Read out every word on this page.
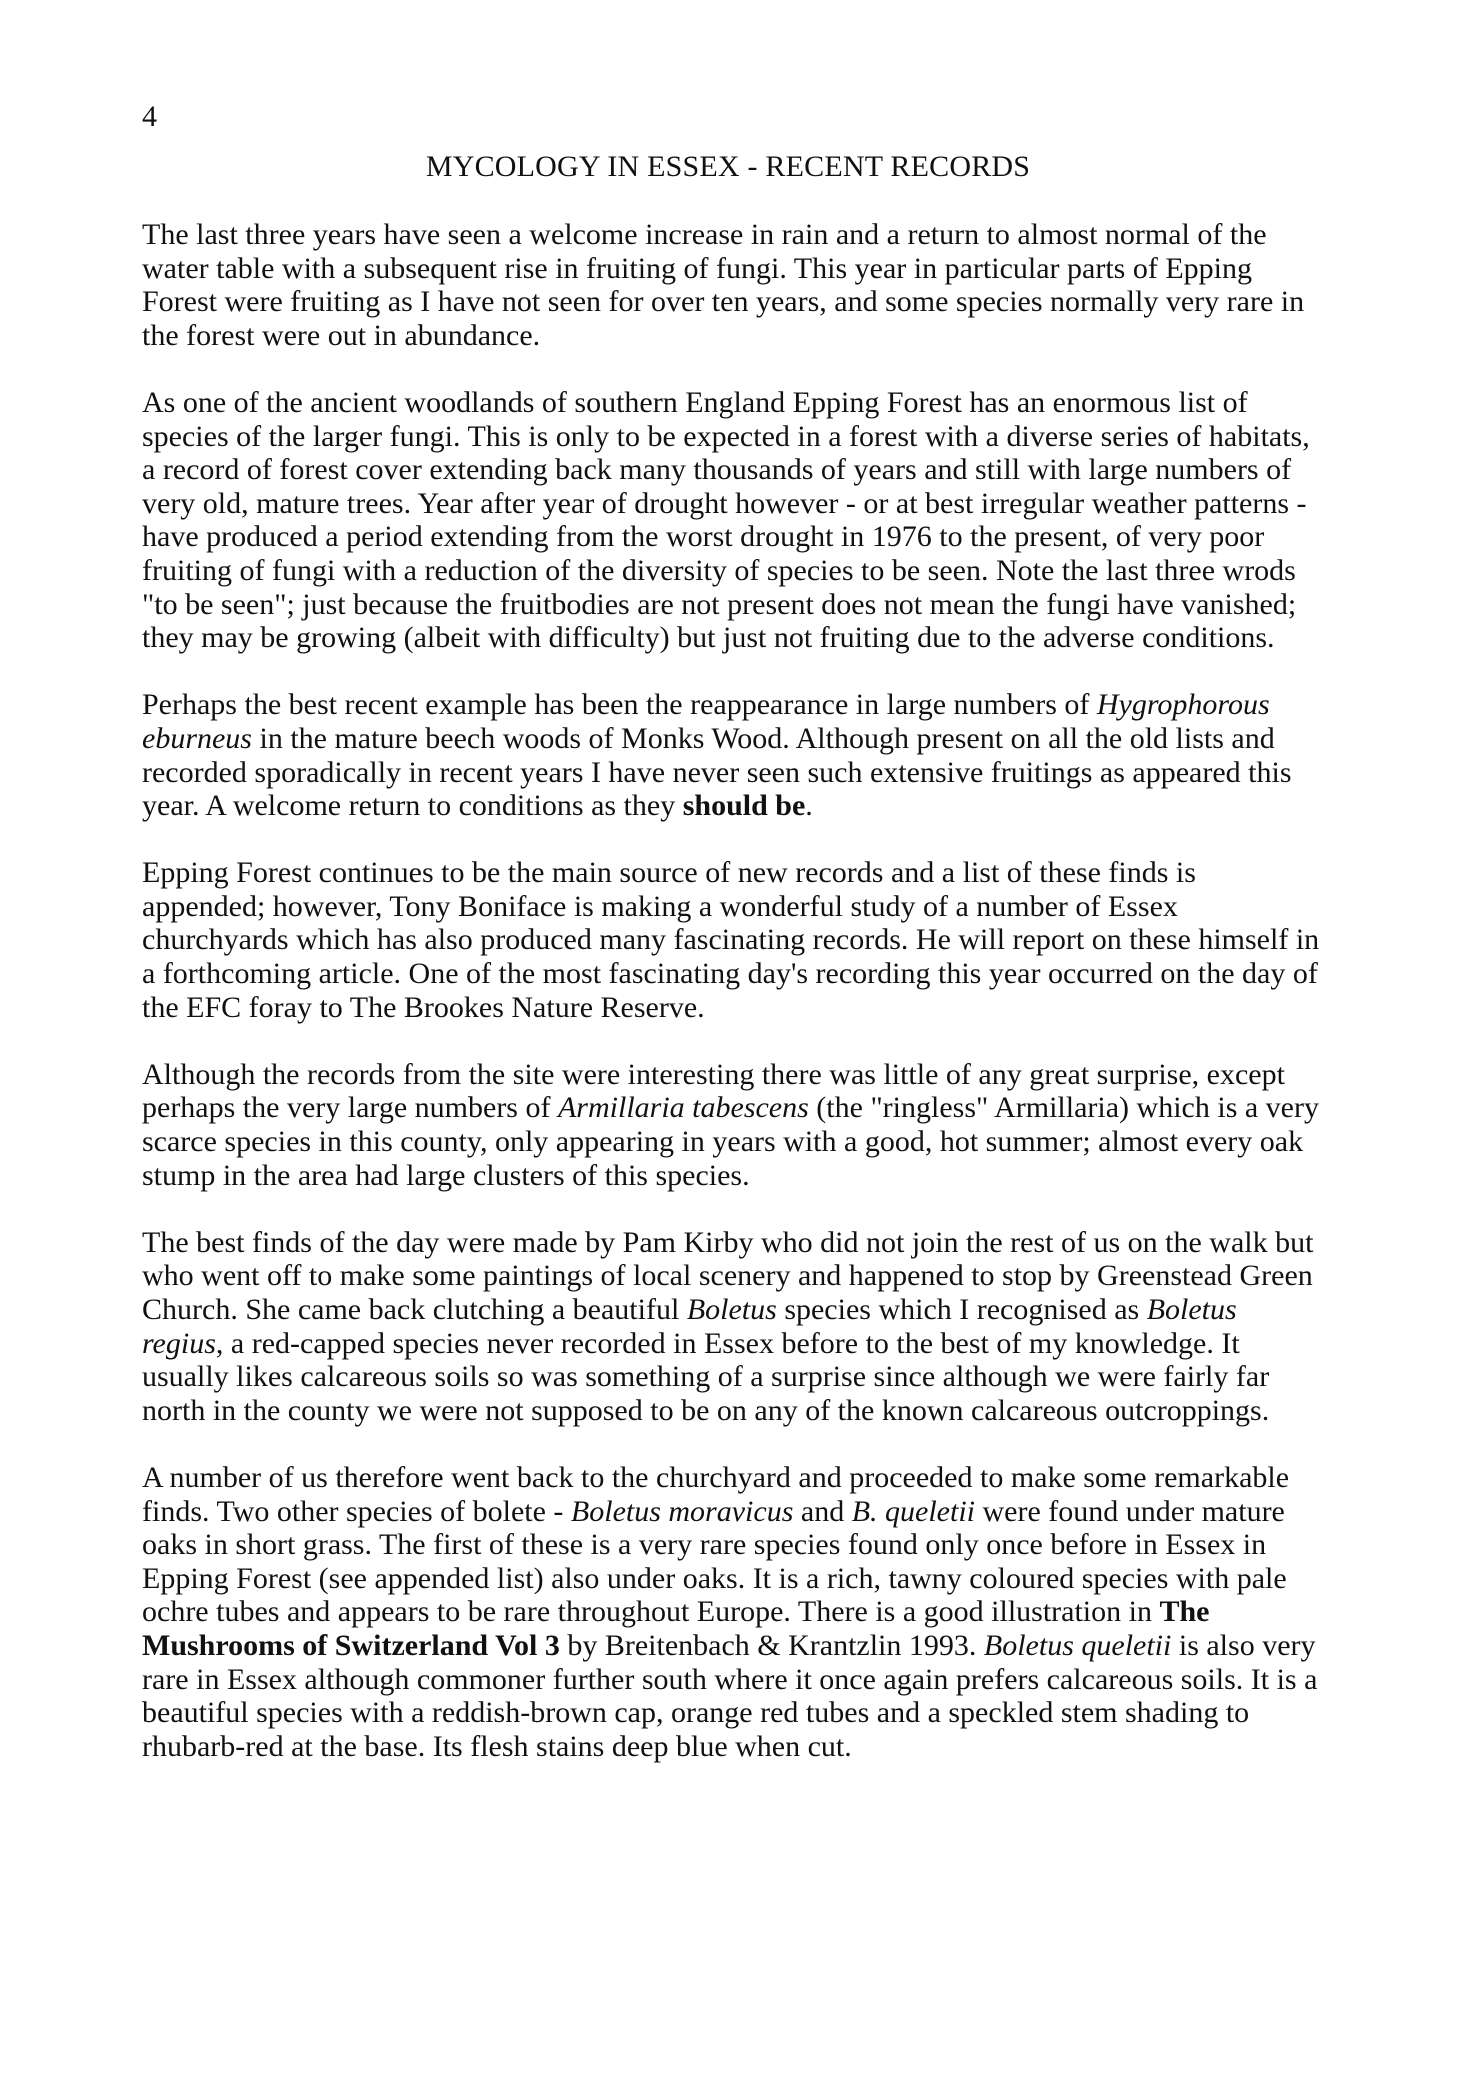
4
MYCOLOGY IN ESSEX - RECENT RECORDS

The last three years have seen a welcome increase in rain and a return to almost normal of the water table with a subsequent rise in fruiting of fungi. This year in particular parts of Epping Forest were fruiting as I have not seen for over ten years, and some species normally very rare in the forest were out in abundance.

As one of the ancient woodlands of southern England Epping Forest has an enormous list of species of the larger fungi. This is only to be expected in a forest with a diverse series of habitats, a record of forest cover extending back many thousands of years and still with large numbers of very old, mature trees. Year after year of drought however - or at best irregular weather patterns - have produced a period extending from the worst drought in 1976 to the present, of very poor fruiting of fungi with a reduction of the diversity of species to be seen. Note the last three wrods "to be seen"; just because the fruitbodies are not present does not mean the fungi have vanished; they may be growing (albeit with difficulty) but just not fruiting due to the adverse conditions.

Perhaps the best recent example has been the reappearance in large numbers of Hygrophorous eburneus in the mature beech woods of Monks Wood. Although present on all the old lists and recorded sporadically in recent years I have never seen such extensive fruitings as appeared this year. A welcome return to conditions as they should be.

Epping Forest continues to be the main source of new records and a list of these finds is appended; however, Tony Boniface is making a wonderful study of a number of Essex churchyards which has also produced many fascinating records. He will report on these himself in a forthcoming article. One of the most fascinating day's recording this year occurred on the day of the EFC foray to The Brookes Nature Reserve.

Although the records from the site were interesting there was little of any great surprise, except perhaps the very large numbers of Armillaria tabescens (the "ringless" Armillaria) which is a very scarce species in this county, only appearing in years with a good, hot summer; almost every oak stump in the area had large clusters of this species.

The best finds of the day were made by Pam Kirby who did not join the rest of us on the walk but who went off to make some paintings of local scenery and happened to stop by Greenstead Green Church. She came back clutching a beautiful Boletus species which I recognised as Boletus regius, a red-capped species never recorded in Essex before to the best of my knowledge. It usually likes calcareous soils so was something of a surprise since although we were fairly far north in the county we were not supposed to be on any of the known calcareous outcroppings.

A number of us therefore went back to the churchyard and proceeded to make some remarkable finds. Two other species of bolete - Boletus moravicus and B. queletii were found under mature oaks in short grass. The first of these is a very rare species found only once before in Essex in Epping Forest (see appended list) also under oaks. It is a rich, tawny coloured species with pale ochre tubes and appears to be rare throughout Europe. There is a good illustration in The Mushrooms of Switzerland Vol 3 by Breitenbach & Krantzlin 1993. Boletus queletii is also very rare in Essex although commoner further south where it once again prefers calcareous soils. It is a beautiful species with a reddish-brown cap, orange red tubes and a speckled stem shading to rhubarb-red at the base. Its flesh stains deep blue when cut.
